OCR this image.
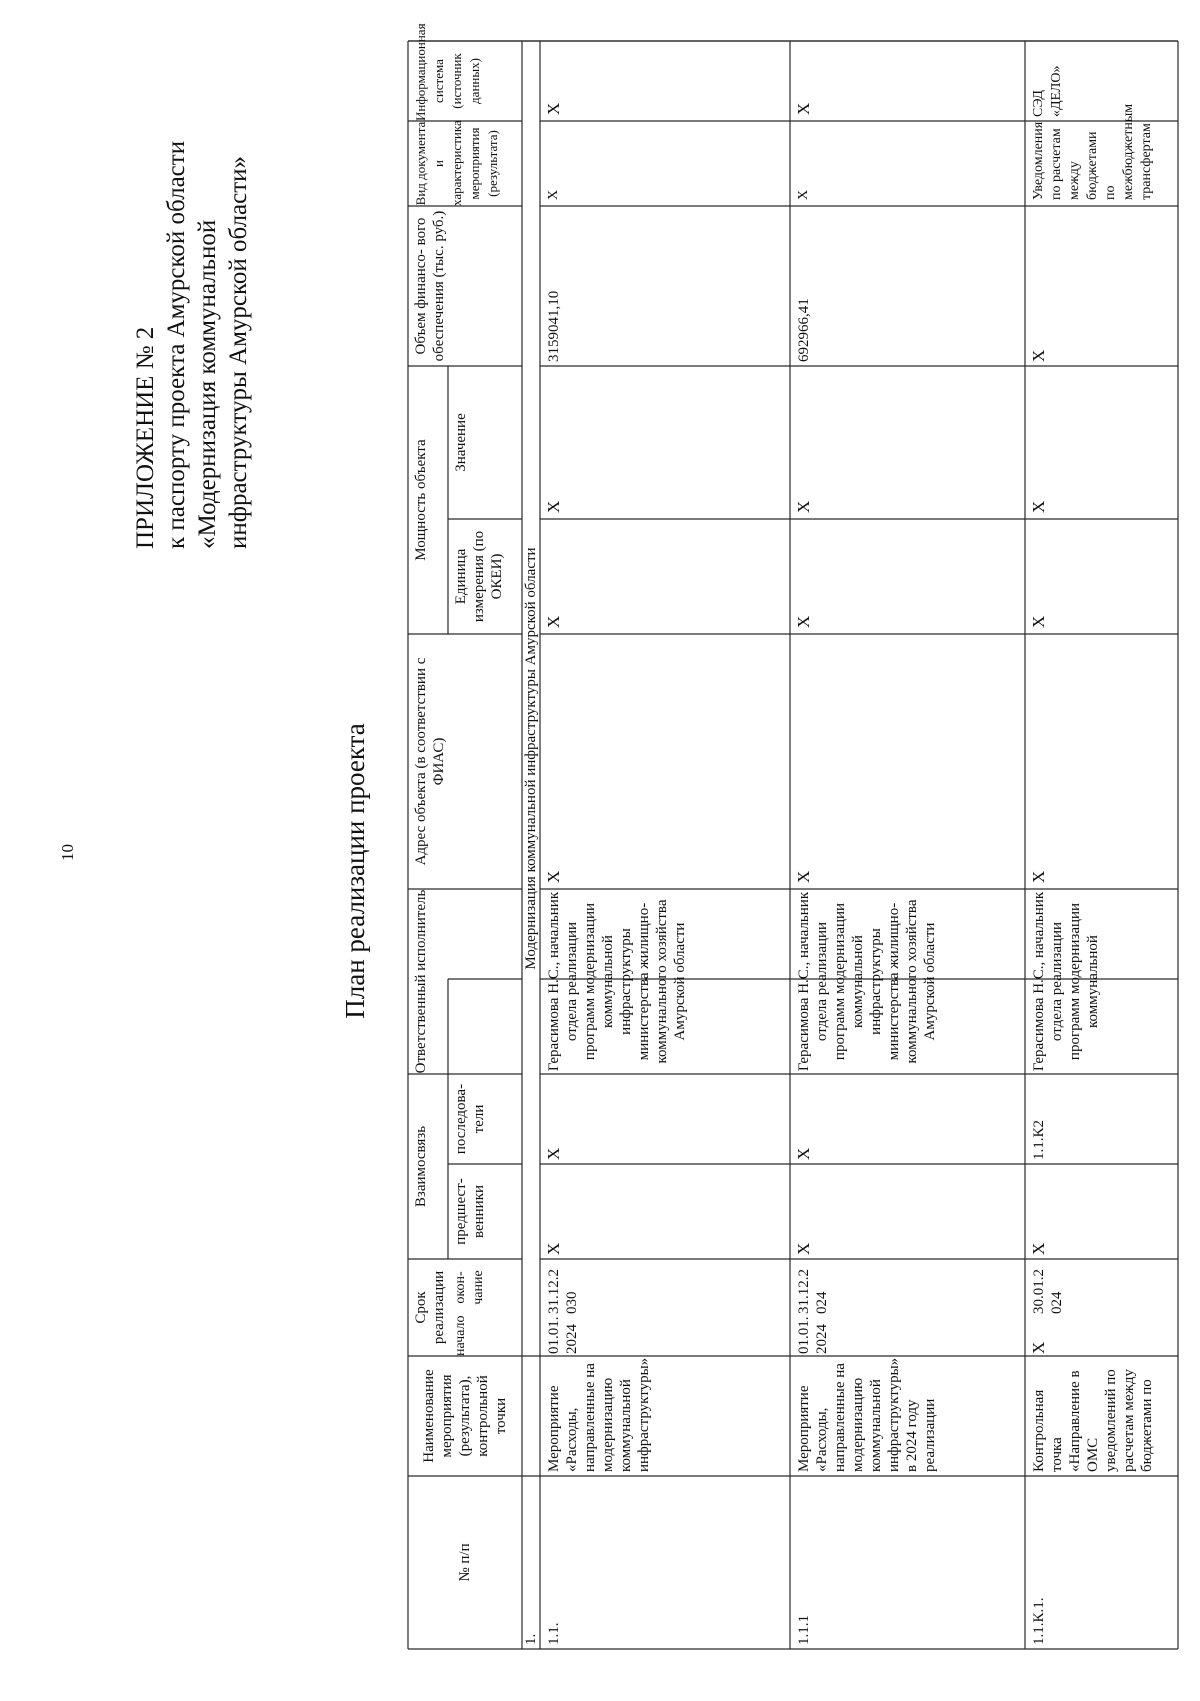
10
ПРИЛОЖЕНИЕ № 2 к паспорту проекта Амурской области «Модернизация коммунальной инфраструктуры Амурской области»
План реализации проекта
№ п/п
Наименование мероприятия (результата), контрольной точки
Срок реализации начало
окон- чание
Взаимосвязь
предшест- венники
последова- тели
Ответственный исполнитель
Адрес объекта (в соответствии с ФИАС)
Мощность объекта
Единица измерения (по ОКЕИ)
Значение
Объем финансо- вого обеспечения (тыс. руб.)
Вид документа и характеристика мероприятия (результата)
1.
Модернизация коммунальной инфраструктуры Амурской области
1.1.
Мероприятие «Расходы, направленные на модернизацию коммунальной инфраструктуры»
01.01. 2024
31.12.2 030
X
X
Герасимова Н.С., начальник отдела реализации программ модернизации коммунальной инфраструктуры министерства жилищно- коммунального хозяйства Амурской области
X
X
X
3159041,10
X
1.1.1
Мероприятие «Расходы, направленные на модернизацию коммунальной инфраструктуры» в 2024 году реализации
01.01. 2024
31.12.2 024
X
X
Герасимова Н.С., начальник отдела реализации программ модернизации коммунальной инфраструктуры министерства жилищно- коммунального хозяйства Амурской области
X
X
X
692966,41
X
1.1.К.1.
Контрольная точка «Направление в ОМС уведомлений по расчетам между бюджетами по
X
30.01.2 024
X
1.1.К2
Герасимова Н.С., начальник отдела реализации программ модернизации коммунальной
X
X
X
X
Уведомления по расчетам между бюджетами по межбюджетным трансфертам
Информационная система (источник данных)
X	X	СЭД «ДЕЛО»
